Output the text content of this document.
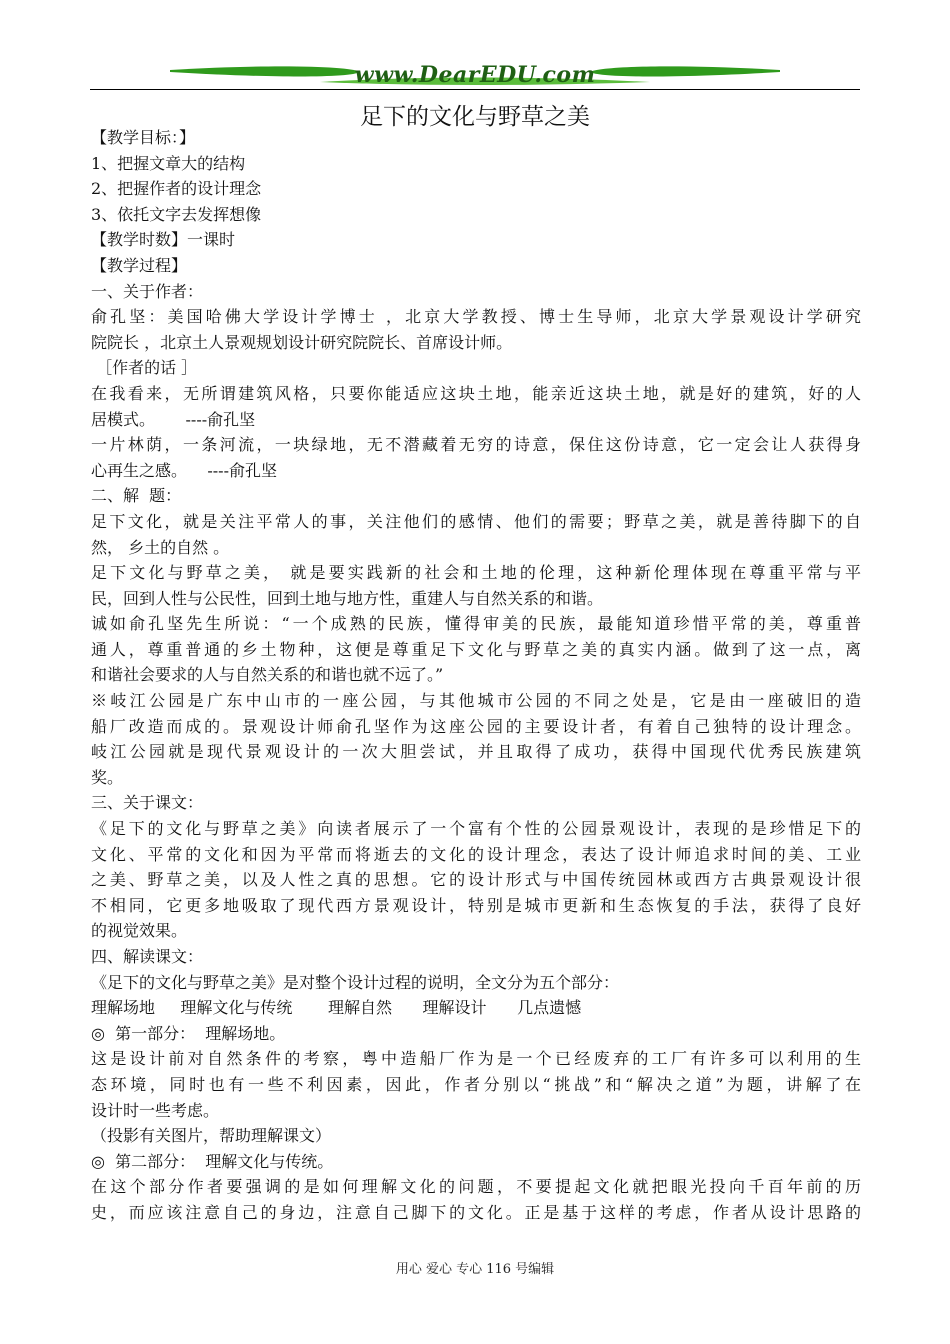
www.DearEDU.com
足下的文化与野草之美
【教学目标：】
1、把握文章大的结构
2、把握作者的设计理念
3、依托文字去发挥想像
【教学时数】一课时
【教学过程】
一、关于作者：
俞孔坚：美国哈佛大学设计学博士 ，北京大学教授、博士生导师，北京大学景观设计学研究
院院长 ，北京土人景观规划设计研究院院长、首席设计师。
［作者的话 ］
在我看来，无所谓建筑风格，只要你能适应这块土地，能亲近这块土地，就是好的建筑，好的人
居模式。      ----俞孔坚
一片林荫，一条河流，一块绿地，无不潜藏着无穷的诗意，保住这份诗意，它一定会让人获得身
心再生之感。    ----俞孔坚
二、解  题：
足下文化，就是关注平常人的事，关注他们的感情、他们的需要；野草之美，就是善待脚下的自
然， 乡土的自然 。
足下文化与野草之美， 就是要实践新的社会和土地的伦理，这种新伦理体现在尊重平常与平
民，回到人性与公民性，回到土地与地方性，重建人与自然关系的和谐。
诚如俞孔坚先生所说：“一个成熟的民族，懂得审美的民族，最能知道珍惜平常的美，尊重普
通人，尊重普通的乡土物种，这便是尊重足下文化与野草之美的真实内涵。做到了这一点，离
和谐社会要求的人与自然关系的和谐也就不远了。”
※岐江公园是广东中山市的一座公园，与其他城市公园的不同之处是，它是由一座破旧的造
船厂改造而成的。景观设计师俞孔坚作为这座公园的主要设计者，有着自己独特的设计理念。
岐江公园就是现代景观设计的一次大胆尝试，并且取得了成功，获得中国现代优秀民族建筑
奖。
三、关于课文：
《足下的文化与野草之美》向读者展示了一个富有个性的公园景观设计，表现的是珍惜足下的
文化、平常的文化和因为平常而将逝去的文化的设计理念，表达了设计师追求时间的美、工业
之美、野草之美，以及人性之真的思想。它的设计形式与中国传统园林或西方古典景观设计很
不相同，它更多地吸取了现代西方景观设计，特别是城市更新和生态恢复的手法，获得了良好
的视觉效果。
四、解读课文：
《足下的文化与野草之美》是对整个设计过程的说明，全文分为五个部分：
理解场地     理解文化与传统       理解自然      理解设计      几点遗憾
◎  第一部分：  理解场地。
这是设计前对自然条件的考察，粤中造船厂作为是一个已经废弃的工厂有许多可以利用的生
态环境，同时也有一些不利因素，因此，作者分别以“挑战”和“解决之道”为题，讲解了在
设计时一些考虑。
（投影有关图片，帮助理解课文）
◎  第二部分：  理解文化与传统。
在这个部分作者要强调的是如何理解文化的问题，不要提起文化就把眼光投向千百年前的历
史，而应该注意自己的身边，注意自己脚下的文化。正是基于这样的考虑，作者从设计思路的
用心 爱心 专心 116 号编辑
